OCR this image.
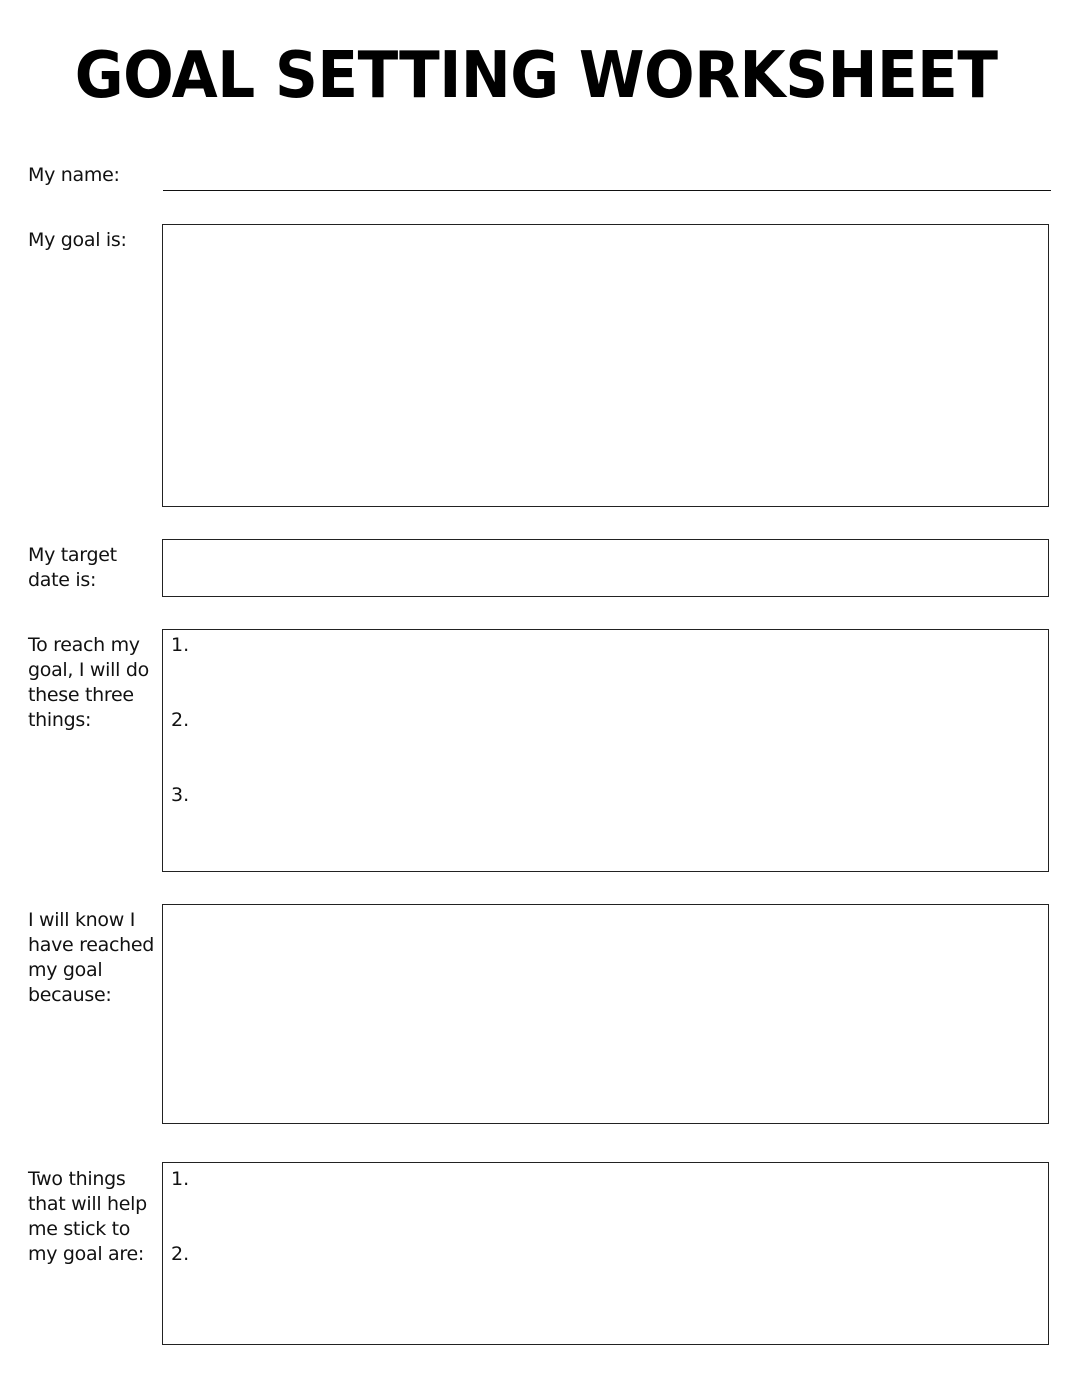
GOAL SETTING WORKSHEET
My name:
My goal is:
My target
date is:
To reach my
goal, I will do
these three
things:
1.
2.
3.
I will know I
have reached
my goal
because:
Two things
that will help
me stick to
my goal are:
1.
2.
